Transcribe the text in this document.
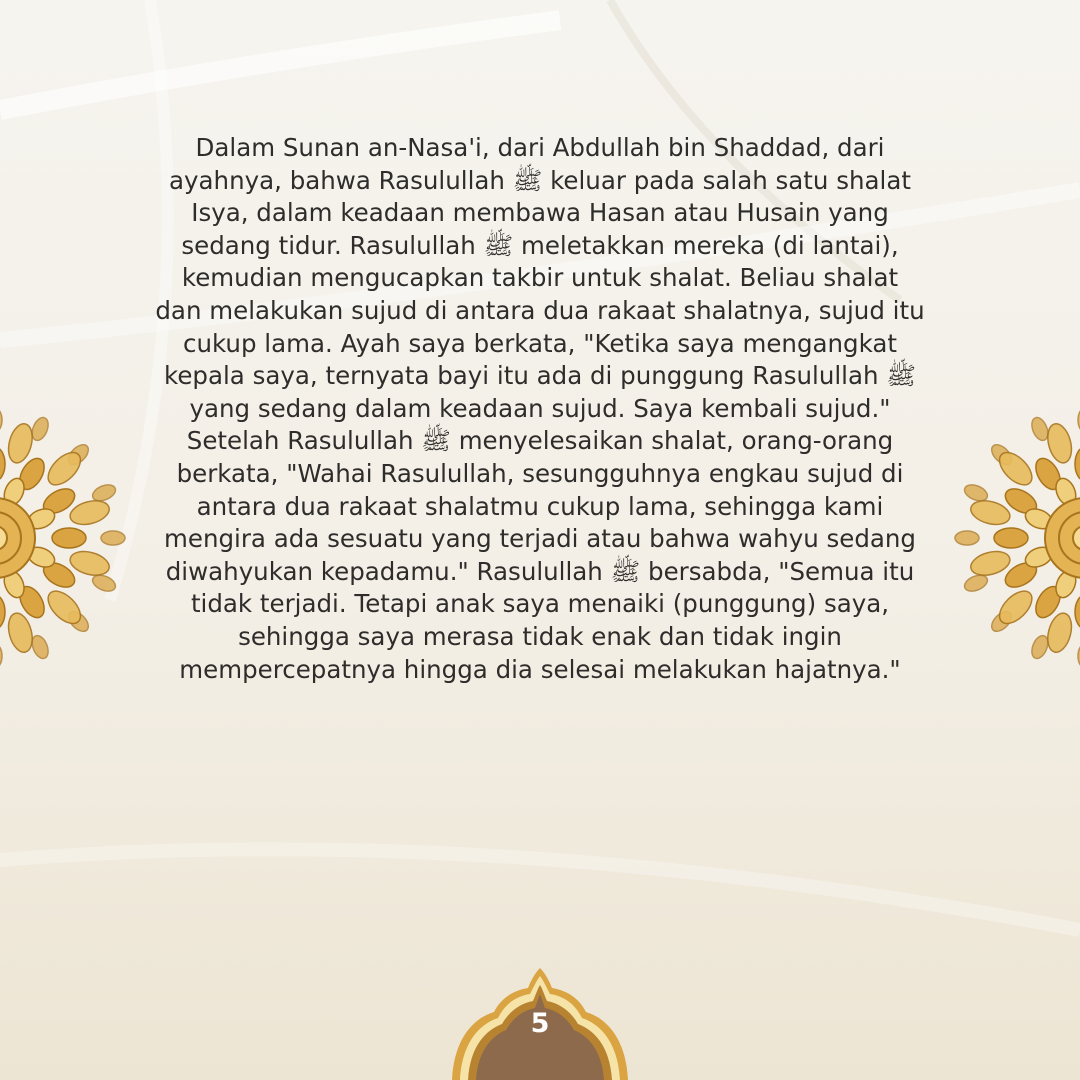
Dalam Sunan an-Nasa'i, dari Abdullah bin Shaddad, dari
ayahnya, bahwa Rasulullah ﷺ keluar pada salah satu shalat
Isya, dalam keadaan membawa Hasan atau Husain yang
sedang tidur. Rasulullah ﷺ meletakkan mereka (di lantai),
kemudian mengucapkan takbir untuk shalat. Beliau shalat
dan melakukan sujud di antara dua rakaat shalatnya, sujud itu
cukup lama. Ayah saya berkata, "Ketika saya mengangkat
kepala saya, ternyata bayi itu ada di punggung Rasulullah ﷺ
yang sedang dalam keadaan sujud. Saya kembali sujud."
Setelah Rasulullah ﷺ menyelesaikan shalat, orang-orang
berkata, "Wahai Rasulullah, sesungguhnya engkau sujud di
antara dua rakaat shalatmu cukup lama, sehingga kami
mengira ada sesuatu yang terjadi atau bahwa wahyu sedang
diwahyukan kepadamu." Rasulullah ﷺ bersabda, "Semua itu
tidak terjadi. Tetapi anak saya menaiki (punggung) saya,
sehingga saya merasa tidak enak dan tidak ingin
mempercepatnya hingga dia selesai melakukan hajatnya."

5
